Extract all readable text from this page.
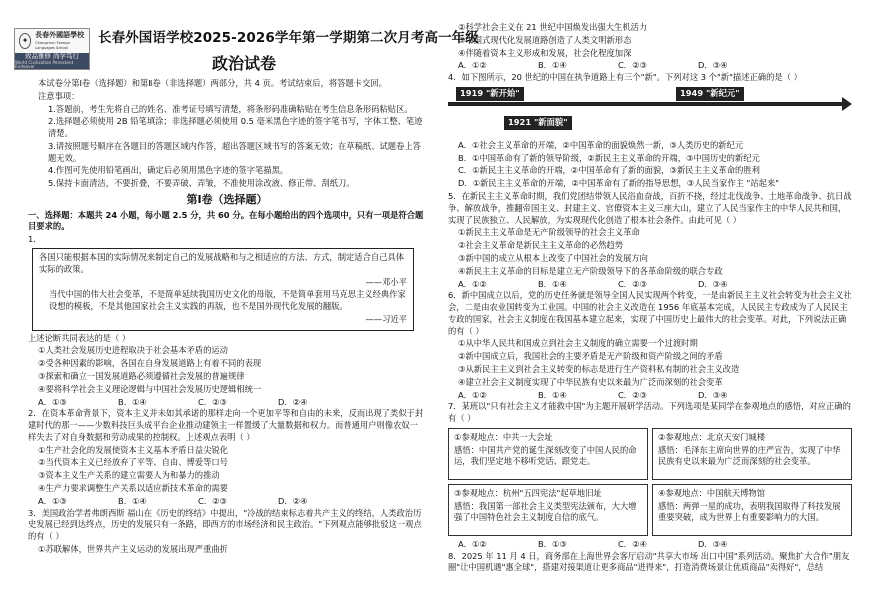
✦
長春外國語學校
Changchun Foreign Languages School
致品雅修 尚学笃行
World Civilization Persistent Endeavor
长春外国语学校2025-2026学年第一学期第二次月考高一年级
政治试卷

本试卷分第Ⅰ卷（选择题）和第Ⅱ卷（非选择题）两部分，共 4 页。考试结束后，将答题卡交回。

注意事项：

1.答题前，考生先将自己的姓名、准考证号填写清楚，将条形码准确粘贴在考生信息条形码粘贴区。

2.选择题必须使用 2B 铅笔填涂；非选择题必须使用 0.5 毫米黑色字迹的签字笔书写，字体工整、笔迹清楚。

3.请按照题号顺序在各题目的答题区域内作答，超出答题区域书写的答案无效；在草稿纸、试题卷上答题无效。

4.作图可先使用铅笔画出，确定后必须用黑色字迹的签字笔描黑。

5.保持卡面清洁，不要折叠，不要弄破、弄皱，不准使用涂改液、修正带、刮纸刀。

第Ⅰ卷（选择题）

一、选择题：本题共 24 小题，每小题 2.5 分，共 60 分。在每小题给出的四个选项中，只有一项是符合题目要求的。

1．

各国只能根据本国的实际情况来制定自己的发展战略和与之相适应的方法、方式，制定适合自己具体实际的政策。

——邓小平

当代中国的伟大社会变革，不是简单延续我国历史文化的母版，不是简单套用马克思主义经典作家设想的模板，不是其他国家社会主义实践的再版，也不是国外现代化发展的翻版。

——习近平

上述论断共同表达的是（ ）

①人类社会发展历史进程取决于社会基本矛盾的运动

②受各种因素的影响，各国在自身发展道路上有着不同的表现

③探索和确立一国发展道路必须遵循社会发展的普遍规律

④要将科学社会主义理论逻辑与中国社会发展历史逻辑相统一

A．①③	B．①④	C．②③	D．②④

2．在资本革命背景下，资本主义并未如其承诺的那样走向一个更加平等和自由的未来，反而出现了类似于封建时代的那一——少数科技巨头成平台企业推动建领主一样置缓了大量数据和权力。而普通用户则像农奴一样失去了对自身数据和劳动成果的控制权。上述观点表明（ ）

①生产社会化的发展使资本主义基本矛盾日益尖锐化

②当代资本主义已经放弃了平等、自由、博爱等口号

③资本主义生产关系的建立需要人为和暴力的推动

④生产力要求调整生产关系以适应新技术革命的需要

A．①③	B．①④	C．②③	D．②④

3．美国政治学者弗朗西斯 福山在《历史的终结》中提出，"冷战的结束标志着共产主义的终结，人类政治历史发展已经到达终点，历史的发展只有一条路，即西方的市场经济和民主政治。"下列观点能够批驳这一观点的有（ ）

①苏联解体，世界共产主义运动的发展出现严重曲折

②科学社会主义在 21 世纪中国焕发出强大生机活力

③中国式现代化发展道路创造了人类文明新形态

④伴随着资本主义形成和发展，社会化程度加深

A．①②	B．①④	C．②③	D．③④

4．如下图所示，20 世纪的中国在执争道路上有三个"新"。下列对这 3 个"新"描述正确的是（ ）

1919 "新开始"
1921 "新面貌"
1949 "新纪元"

A．①社会主义革命的开端，②中国革命的面貌焕然一新，③人类历史的新纪元

B．①中国革命有了新的领导阶级，②新民主主义革命的开端，③中国历史的新纪元

C．①新民主主义革命的开端，②中国革命有了新的面貌，③新民主主义革命的胜利

D．①新民主主义革命的开端，②中国革命有了新的指导思想，③人民当家作主 "站起来"

5．在新民主主义革命时期，我们党团结带领人民浴血奋战，百折不挠，经过北伐战争、土地革命战争、抗日战争、解放战争，推翻帝国主义、封建主义、官僚资本主义三座大山，建立了人民当家作主的中华人民共和国，实现了民族独立、人民解放，为实现现代化创造了根本社会条件。由此可见（ ）

①新民主主义革命是无产阶级领导的社会主义革命

②社会主义革命是新民主主义革命的必然趋势

③新中国的成立从根本上改变了中国社会的发展方向

④新民主主义革命的目标是建立无产阶级领导下的各革命阶级的联合专政

A．①②	B．①④	C．②③	D．③④

6．新中国成立以后，党的历史任务就是领导全国人民实现两个转变，一是由新民主主义社会转变为社会主义社会，二是由农业国转变为工业国。中国的社会主义改造在 1956 年底基本完成，人民民主专政成为了人民民主专政的国家，社会主义制度在我国基本建立起来，实现了中国历史上最伟大的社会变革。对此，下列说法正确的有（ ）

①从中华人民共和国成立到社会主义制度的确立需要一个过渡时期

②新中国成立后，我国社会的主要矛盾是无产阶级和资产阶级之间的矛盾

③从新民主主义到社会主义转变的标志是进行生产资料私有制的社会主义改造

④建立社会主义制度实现了中华民族有史以来最为广泛而深刻的社会变革

A．①②	B．①④	C．②③	D．③④

7．某班以"只有社会主义才能救中国"为主题开展研学活动。下列选项是某同学在参观地点的感悟，对应正确的有（ ）

①参观地点：中共一大会址

感悟：中国共产党的诞生深刻改变了中国人民的命运，我们坚定地不移听党话、跟党走。

②参观地点：北京天安门城楼

感悟：毛泽东主席向世界的庄严宣告，实现了中华民族有史以来最为广泛而深刻的社会变革。

③参观地点：杭州"五四宪法"起草地旧址

感悟：我国第一部社会主义类型宪法颁布，大大增强了中国特色社会主义制度自信的底气。

④参观地点：中国航天博物馆

感悟：两弹一星的成功，表明我国取得了科技发展重要突破，成为世界上有重要影响力的大国。

A．①②	B．①③	C．②④	D．③④

8．2025 年 11 月 4 日，商务部在上海世界会客厅启动"共享大市场 出口中国"系列活动。聚焦扩大合作"朋友圈"让中国机遇"惠全球"，搭建对接渠道让更多商品"进得来"，打造消费场景让优质商品"卖得好"，总结
